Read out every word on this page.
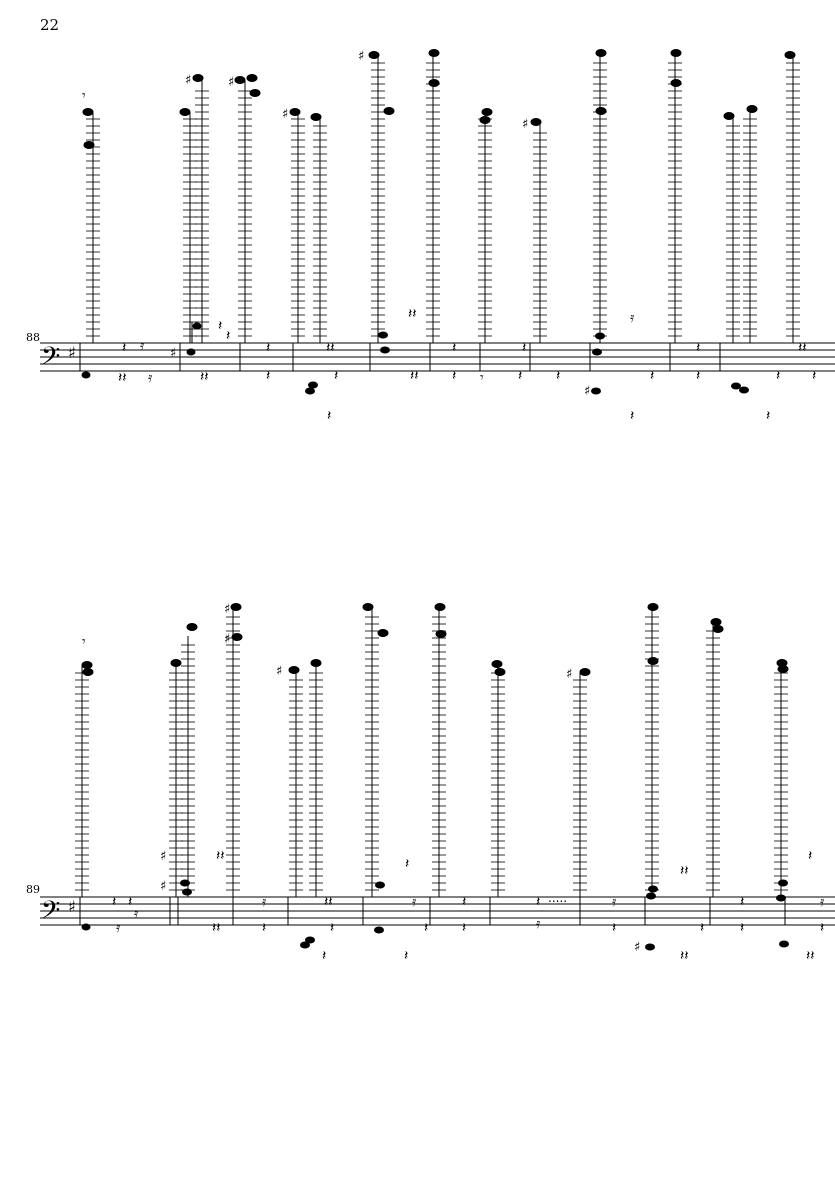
22
88
𝄢 ♯
𝄾
♯	♯
♯
♯
♯
𝄽
𝄽𝄽
𝄿
𝄿
𝄽
𝄽
𝄽𝄽
𝄽
𝄽
𝄽𝄽
𝄽
𝄽
𝄽𝄽
𝄽𝄽 𝄽
𝄽
𝄾 𝄽
𝄽
𝄽
𝄿
𝄽
𝄽
𝄽
𝄽
𝄽
𝄽 𝄽
𝄽𝄽
♯
♯
89
𝄢 ♯
𝄾
♯
♯
♯	♯
𝄽
𝄿
𝄽
𝄿
𝄽𝄽
𝄽𝄽
𝄿
𝄽
𝄽𝄽
𝄽
𝄽
𝄽
𝄽
𝄿
𝄽
𝄽
𝄽
𝄽
𝄿
𝄿
𝄽
𝄽𝄽
𝄽𝄽
𝄽
𝄽
𝄽
𝄽
𝄽𝄽
𝄿
𝄽
.....
♯
♯
♯
